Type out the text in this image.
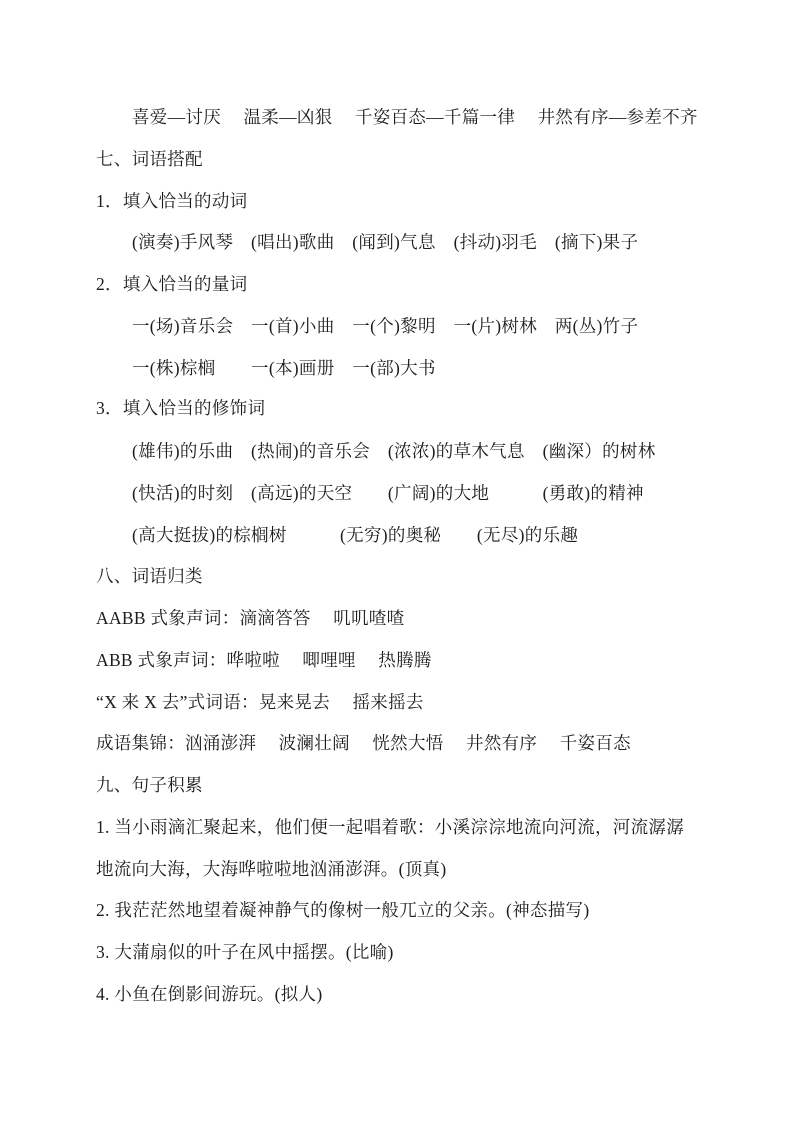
喜爱—讨厌　 温柔—凶狠　 千姿百态—千篇一律　 井然有序—参差不齐
七、词语搭配
1．填入恰当的动词
(演奏)手风琴　(唱出)歌曲　(闻到)气息　(抖动)羽毛　(摘下)果子
2．填入恰当的量词
一(场)音乐会　一(首)小曲　一(个)黎明　一(片)树林　两(丛)竹子
一(株)棕榈　　一(本)画册　一(部)大书
3．填入恰当的修饰词
(雄伟)的乐曲　(热闹)的音乐会　(浓浓)的草木气息　(幽深）的树林
(快活)的时刻　(高远)的天空　　(广阔)的大地　　　(勇敢)的精神
(高大挺拔)的棕榈树　　　(无穷)的奥秘　　(无尽)的乐趣
八、词语归类
AABB 式象声词：滴滴答答　 叽叽喳喳
ABB 式象声词：哗啦啦　 唧哩哩　 热腾腾
“X 来 X 去”式词语：晃来晃去　 摇来摇去
成语集锦：汹涌澎湃　 波澜壮阔　 恍然大悟　 井然有序　 千姿百态
九、句子积累
1. 当小雨滴汇聚起来，他们便一起唱着歌：小溪淙淙地流向河流，河流潺潺
地流向大海，大海哗啦啦地汹涌澎湃。(顶真)
2. 我茫茫然地望着凝神静气的像树一般兀立的父亲。(神态描写)
3. 大蒲扇似的叶子在风中摇摆。(比喻)
4. 小鱼在倒影间游玩。(拟人)
